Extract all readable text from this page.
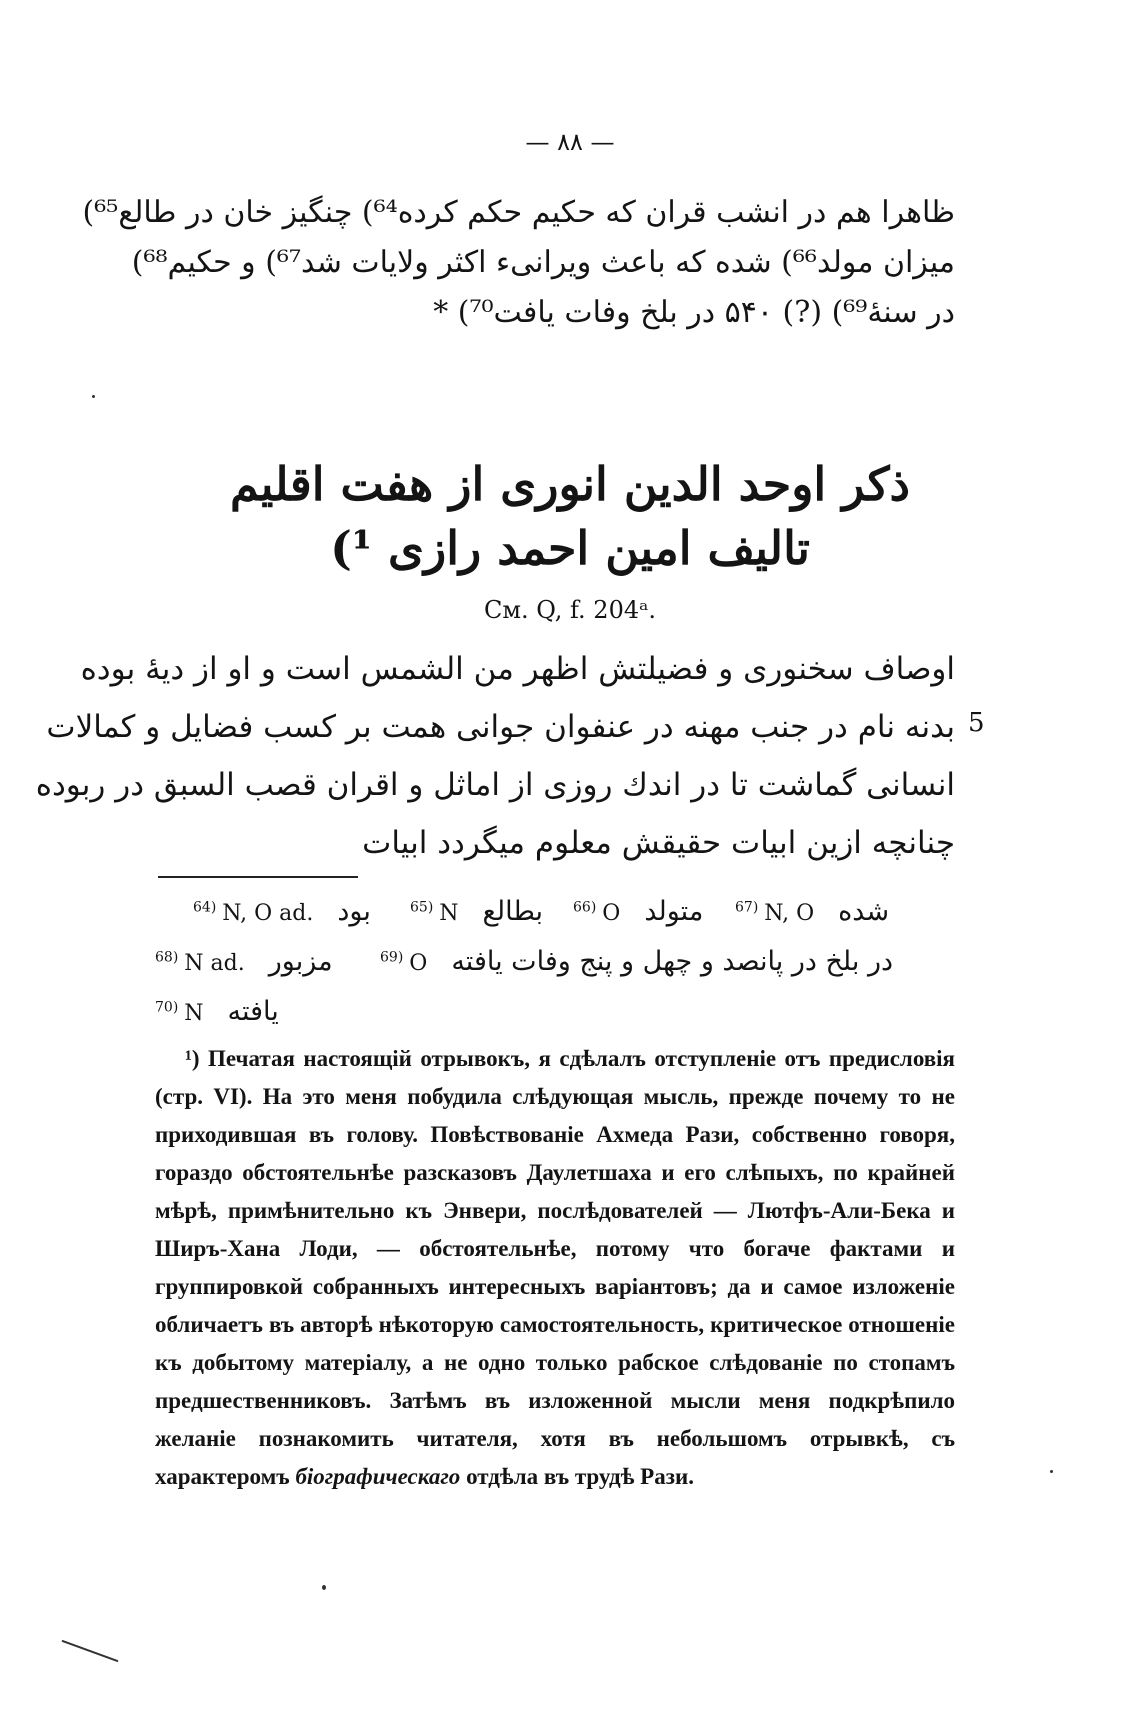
— ۸۸ —
ظاهرا هم در انشب قران که حکیم حکم کرده⁶⁴) چنگیز خان در طالع⁶⁵)
میزان مولد⁶⁶) شده که باعث ویرانیء اکثر ولایات شد⁶⁷) و حکیم⁶⁸)
در سنهٔ⁶⁹) (?) ۵۴۰ در بلخ وفات یافت⁷⁰) *
ذکر اوحد الدین انوری از هفت اقلیم
تالیف امین احمد رازی ¹)
См. Q, f. 204ᵃ.
5
اوصاف سخنوری و فضیلتش اظهر من الشمس است و او از دیهٔ بوده
بدنه نام در جنب مهنه در عنفوان جوانی همت بر کسب فضایل و کمالات
انسانی گماشت تا در اندك روزی از اماثل و اقران قصب السبق در ربوده
چنانچه ازین ابیات حقیقش معلوم میگردد ابیات
$^{64)}$ N, O ad. بود	$^{65)}$ N بطالع $^{66)}$ O متولد $^{67)}$ N, O شده
$^{68)}$ N ad. مزبور	$^{69)}$ O در بلخ در پانصد و چهل و پنج وفات یافته
$^{70)}$ N یافته

¹) Печатая настоящій отрывокъ, я сдѣлалъ отступленіе отъ предисловія (стр. VI). На это меня побудила слѣдующая мысль, прежде почему то не приходившая въ голову. Повѣствованіе Ахмеда Рази, собственно говоря, гораздо обстоятельнѣе разсказовъ Даулетшаха и его слѣпыхъ, по крайней мѣрѣ, примѣнительно къ Энвери, послѣдователей — Лютфъ-Али-Бека и Ширъ-Хана Лоди, — обстоятельнѣе, потому что богаче фактами и группировкой собранныхъ интересныхъ варіантовъ; да и самое изложеніе обличаетъ въ авторѣ нѣкоторую самостоятельность, критическое отношеніе къ добытому матеріалу, а не одно только рабское слѣдованіе по стопамъ предшественниковъ. Затѣмъ въ изложенной мысли меня подкрѣпило желаніе познакомить читателя, хотя въ небольшомъ отрывкѣ, съ характеромъ біографическаго отдѣла въ трудѣ Рази.
